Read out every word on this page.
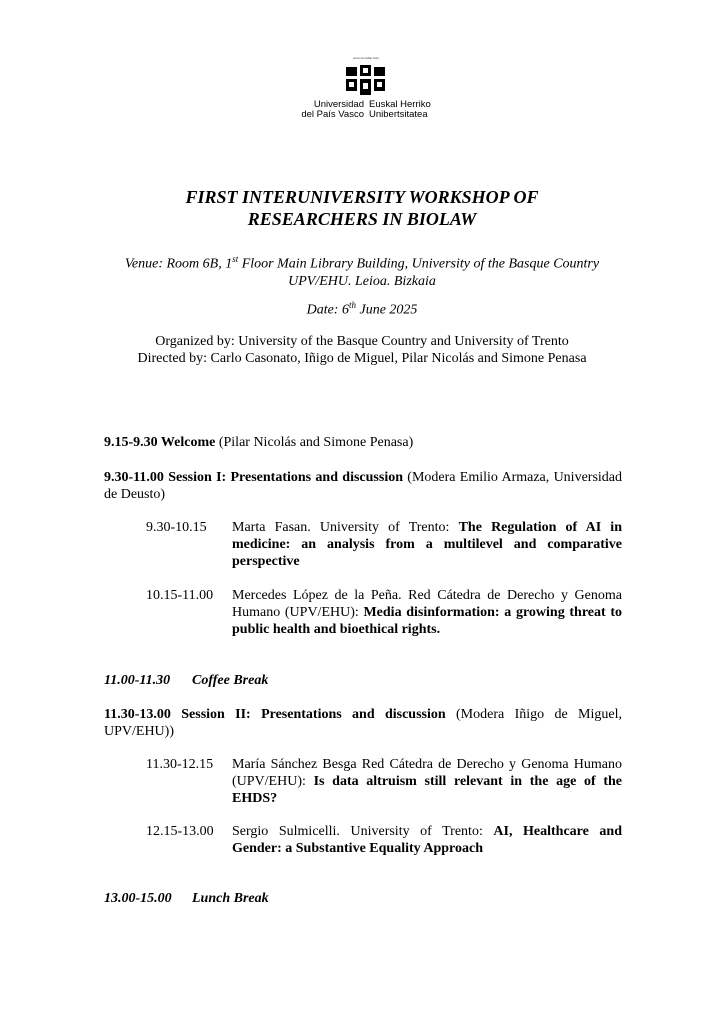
eman ta zabal zazu
Universidad
del País Vasco
Euskal Herriko
Unibertsitatea
FIRST INTERUNIVERSITY WORKSHOP OF
RESEARCHERS IN BIOLAW
Venue: Room 6B, 1st Floor Main Library Building, University of the Basque Country
UPV/EHU. Leioa. Bizkaia
Date: 6th June 2025
Organized by: University of the Basque Country and University of Trento
Directed by: Carlo Casonato, Iñigo de Miguel, Pilar Nicolás and Simone Penasa
9.15-9.30 Welcome (Pilar Nicolás and Simone Penasa)
9.30-11.00 Session I: Presentations and discussion (Modera Emilio Armaza, Universidad de Deusto)
9.30-10.15	Marta Fasan. University of Trento: The Regulation of AI in medicine: an analysis from a multilevel and comparative perspective
10.15-11.00	Mercedes López de la Peña. Red Cátedra de Derecho y Genoma Humano (UPV/EHU): Media disinformation: a growing threat to public health and bioethical rights.
11.00-11.30 Coffee Break
11.30-13.00 Session II: Presentations and discussion (Modera Iñigo de Miguel, UPV/EHU))
11.30-12.15	María Sánchez Besga Red Cátedra de Derecho y Genoma Humano (UPV/EHU): Is data altruism still relevant in the age of the EHDS?
12.15-13.00	Sergio Sulmicelli. University of Trento: AI, Healthcare and Gender: a Substantive Equality Approach
13.00-15.00 Lunch Break
